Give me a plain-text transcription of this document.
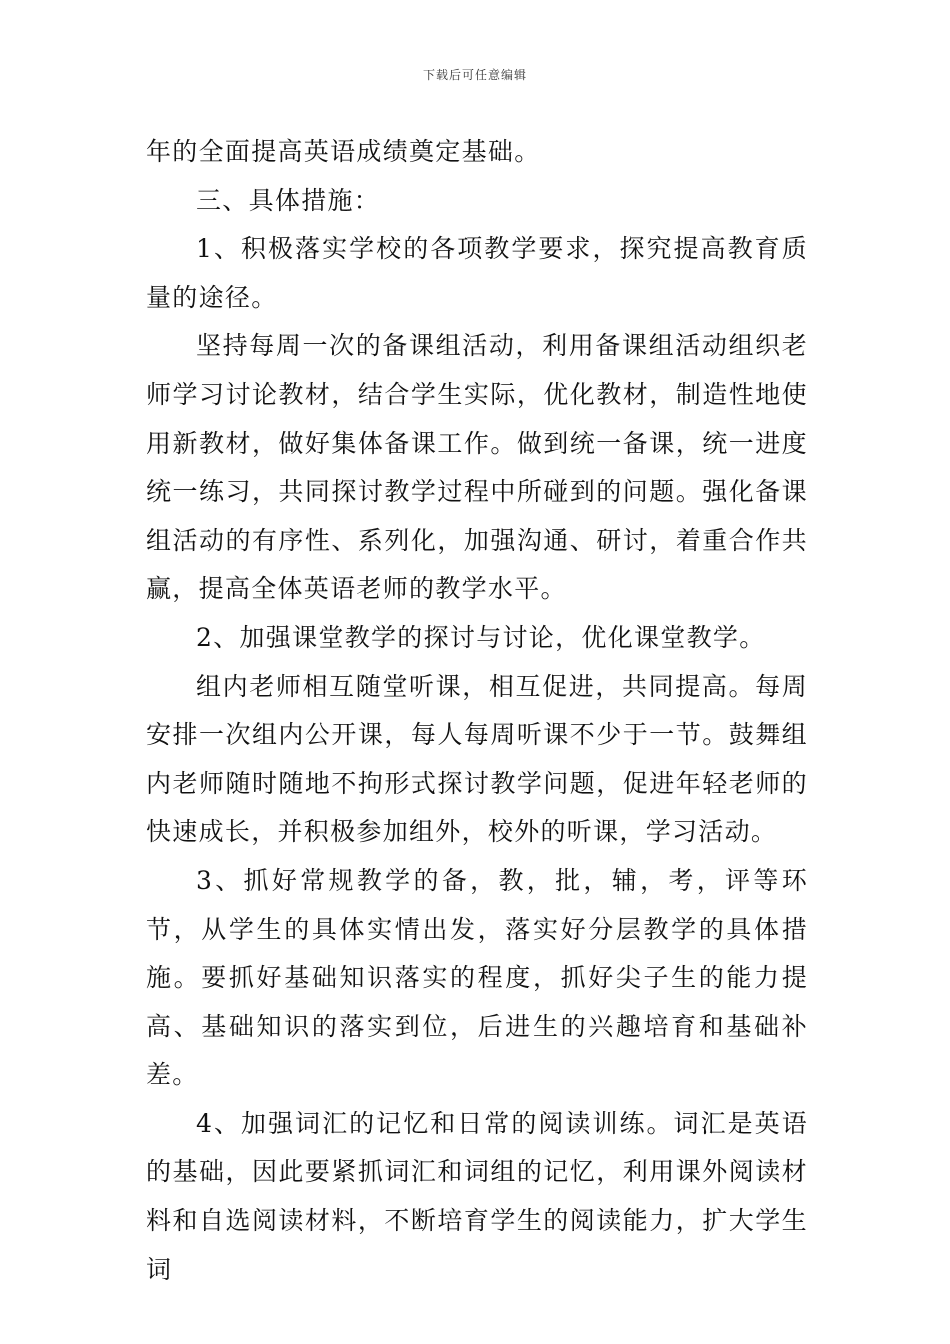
下载后可任意编辑

年的全面提高英语成绩奠定基础。

三、具体措施：

1、积极落实学校的各项教学要求，探究提高教育质量的途径。

坚持每周一次的备课组活动，利用备课组活动组织老师学习讨论教材，结合学生实际，优化教材，制造性地使用新教材，做好集体备课工作。做到统一备课，统一进度统一练习，共同探讨教学过程中所碰到的问题。强化备课组活动的有序性、系列化，加强沟通、研讨，着重合作共赢，提高全体英语老师的教学水平。

2、加强课堂教学的探讨与讨论，优化课堂教学。

组内老师相互随堂听课，相互促进，共同提高。每周安排一次组内公开课，每人每周听课不少于一节。鼓舞组内老师随时随地不拘形式探讨教学问题，促进年轻老师的快速成长，并积极参加组外，校外的听课，学习活动。

3、抓好常规教学的备，教，批，辅，考，评等环节，从学生的具体实情出发，落实好分层教学的具体措施。要抓好基础知识落实的程度，抓好尖子生的能力提高、基础知识的落实到位，后进生的兴趣培育和基础补差。

4、加强词汇的记忆和日常的阅读训练。词汇是英语的基础，因此要紧抓词汇和词组的记忆，利用课外阅读材料和自选阅读材料，不断培育学生的阅读能力，扩大学生词
